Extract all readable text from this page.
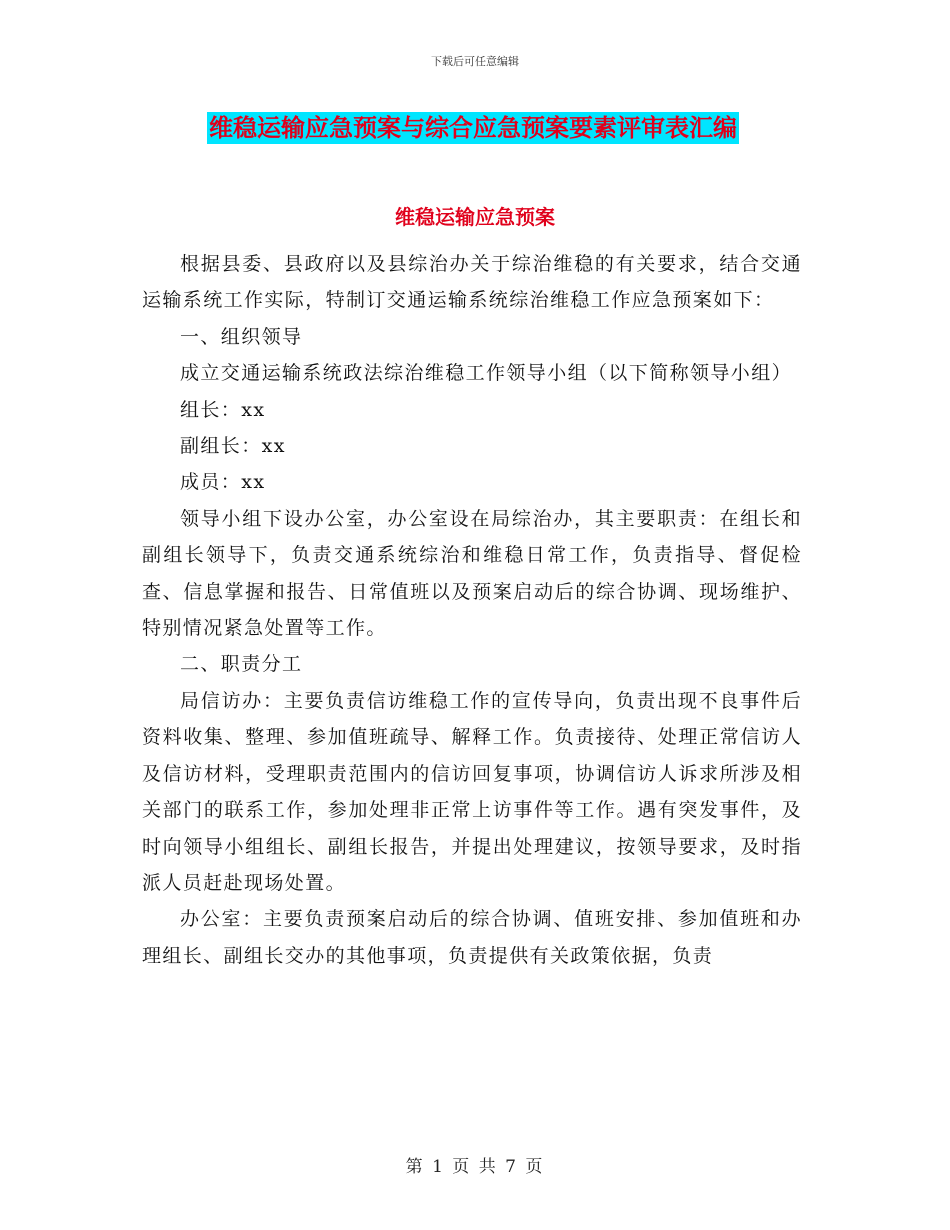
下载后可任意编辑
维稳运输应急预案与综合应急预案要素评审表汇编
维稳运输应急预案

根据县委、县政府以及县综治办关于综治维稳的有关要求，结合交通运输系统工作实际，特制订交通运输系统综治维稳工作应急预案如下：

一、组织领导

成立交通运输系统政法综治维稳工作领导小组（以下简称领导小组）

组长：xx

副组长：xx

成员：xx

领导小组下设办公室，办公室设在局综治办，其主要职责：在组长和副组长领导下，负责交通系统综治和维稳日常工作，负责指导、督促检查、信息掌握和报告、日常值班以及预案启动后的综合协调、现场维护、特别情况紧急处置等工作。

二、职责分工

局信访办：主要负责信访维稳工作的宣传导向，负责出现不良事件后资料收集、整理、参加值班疏导、解释工作。负责接待、处理正常信访人及信访材料，受理职责范围内的信访回复事项，协调信访人诉求所涉及相关部门的联系工作，参加处理非正常上访事件等工作。遇有突发事件，及时向领导小组组长、副组长报告，并提出处理建议，按领导要求，及时指派人员赶赴现场处置。

办公室：主要负责预案启动后的综合协调、值班安排、参加值班和办理组长、副组长交办的其他事项，负责提供有关政策依据，负责

第 1 页 共 7 页
